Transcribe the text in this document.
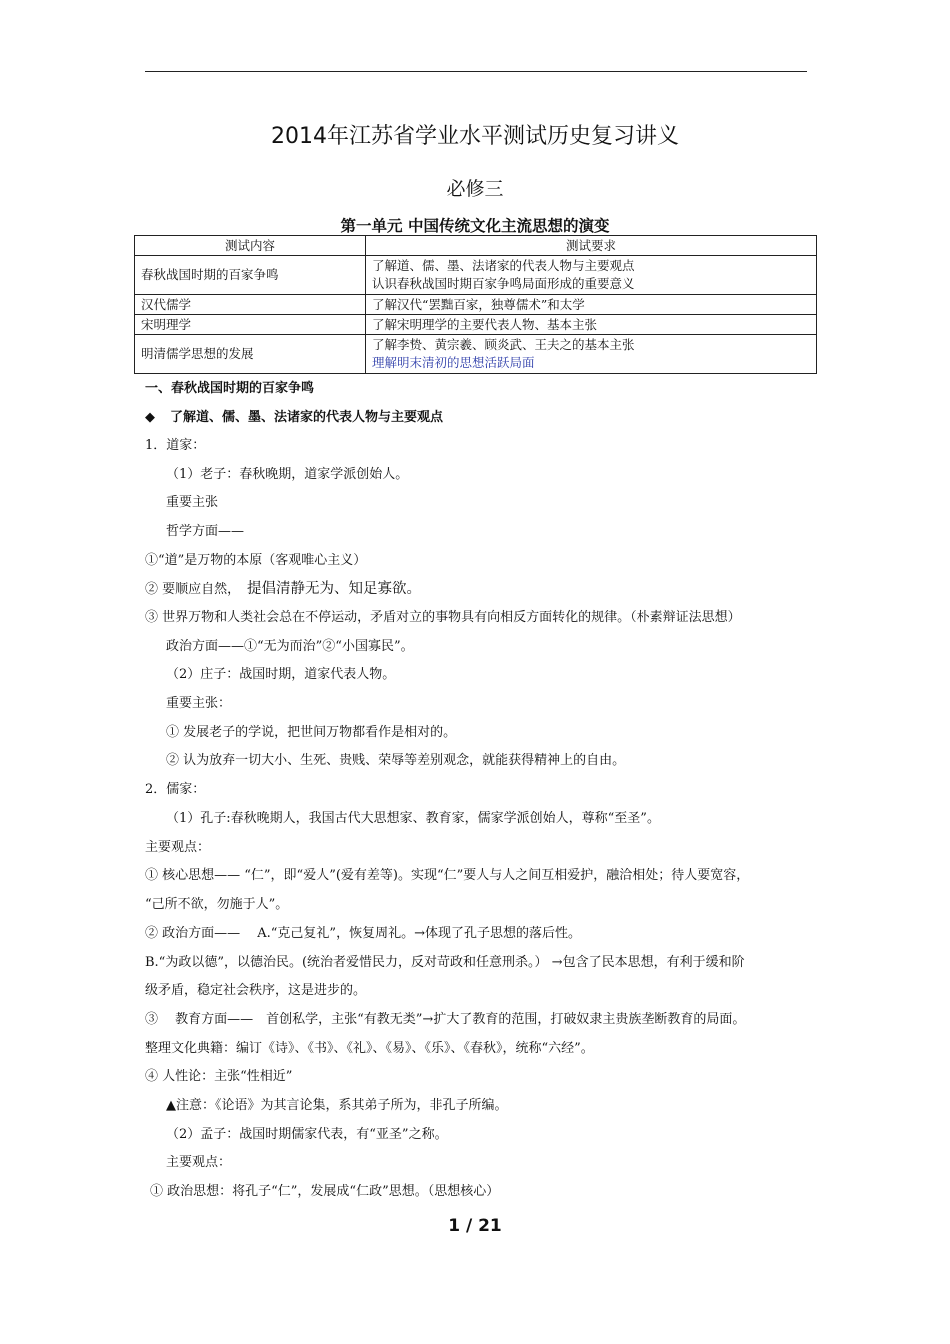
2014年江苏省学业水平测试历史复习讲义
必修三
第一单元 中国传统文化主流思想的演变
测试内容	测试要求
春秋战国时期的百家争鸣	了解道、儒、墨、法诸家的代表人物与主要观点
认识春秋战国时期百家争鸣局面形成的重要意义

汉代儒学	了解汉代“罢黜百家，独尊儒术”和太学

宋明理学	了解宋明理学的主要代表人物、基本主张

明清儒学思想的发展	了解李贽、黄宗羲、顾炎武、王夫之的基本主张
理解明末清初的思想活跃局面
一、春秋战国时期的百家争鸣
◆ 了解道、儒、墨、法诸家的代表人物与主要观点
1．道家：
（1）老子：春秋晚期，道家学派创始人。
重要主张
哲学方面——
①“道”是万物的本原（客观唯心主义）
② 要顺应自然， 提倡清静无为、知足寡欲。
③ 世界万物和人类社会总在不停运动，矛盾对立的事物具有向相反方面转化的规律。（朴素辩证法思想）
政治方面——①“无为而治”②“小国寡民”。
（2）庄子：战国时期，道家代表人物。
重要主张：
① 发展老子的学说，把世间万物都看作是相对的。
② 认为放弃一切大小、生死、贵贱、荣辱等差别观念，就能获得精神上的自由。
2．儒家：
（1）孔子:春秋晚期人，我国古代大思想家、教育家，儒家学派创始人，尊称“至圣”。
主要观点：
① 核心思想—— “仁”，即“爱人”(爱有差等)。实现“仁”要人与人之间互相爱护，融洽相处；待人要宽容，
“己所不欲，勿施于人”。
② 政治方面——　 A.“克己复礼”，恢复周礼。→体现了孔子思想的落后性。
B.“为政以德”，以德治民。(统治者爱惜民力，反对苛政和任意刑杀。） →包含了民本思想，有利于缓和阶
级矛盾，稳定社会秩序，这是进步的。
③　 教育方面——　首创私学，主张“有教无类”→扩大了教育的范围，打破奴隶主贵族垄断教育的局面。
整理文化典籍：编订《诗》、《书》、《礼》、《易》、《乐》、《春秋》，统称“六经”。
④ 人性论：主张“性相近”
▲注意：《论语》为其言论集，系其弟子所为，非孔子所编。
（2）孟子：战国时期儒家代表，有“亚圣”之称。
主要观点：
① 政治思想：将孔子“仁”，发展成“仁政”思想。（思想核心）
1 / 21
